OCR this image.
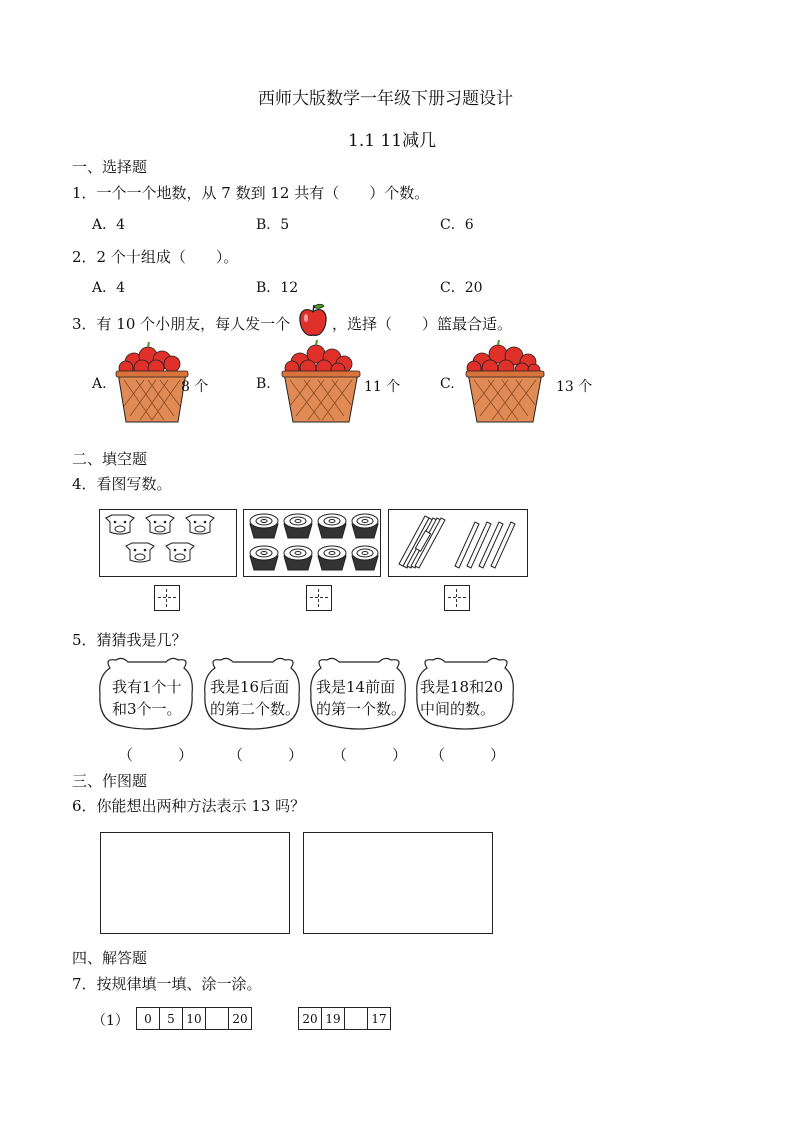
西师大版数学一年级下册习题设计
1.1 11减几
一、选择题
1．一个一个地数，从 7 数到 12 共有（　　）个数。
A．4	B．5	C．6
2．2 个十组成（　　）。
A．4	B．12	C．20
3．有 10 个小朋友，每人发一个	，选择（　　）篮最合适。
A.	8 个	B.	11 个	C.	13 个
二、填空题
4．看图写数。
5．猜猜我是几？
我有1个十
和3个一。
我是16后面
的第二个数。
我是14前面
的第一个数。
我是18和20
中间的数。
（　　　） （　　　） （　　　） （　　　）
三、作图题
6．你能想出两种方法表示 13 吗？
四、解答题
7．按规律填一填、涂一涂。
（1） 0	5	10		20	20	19		17
